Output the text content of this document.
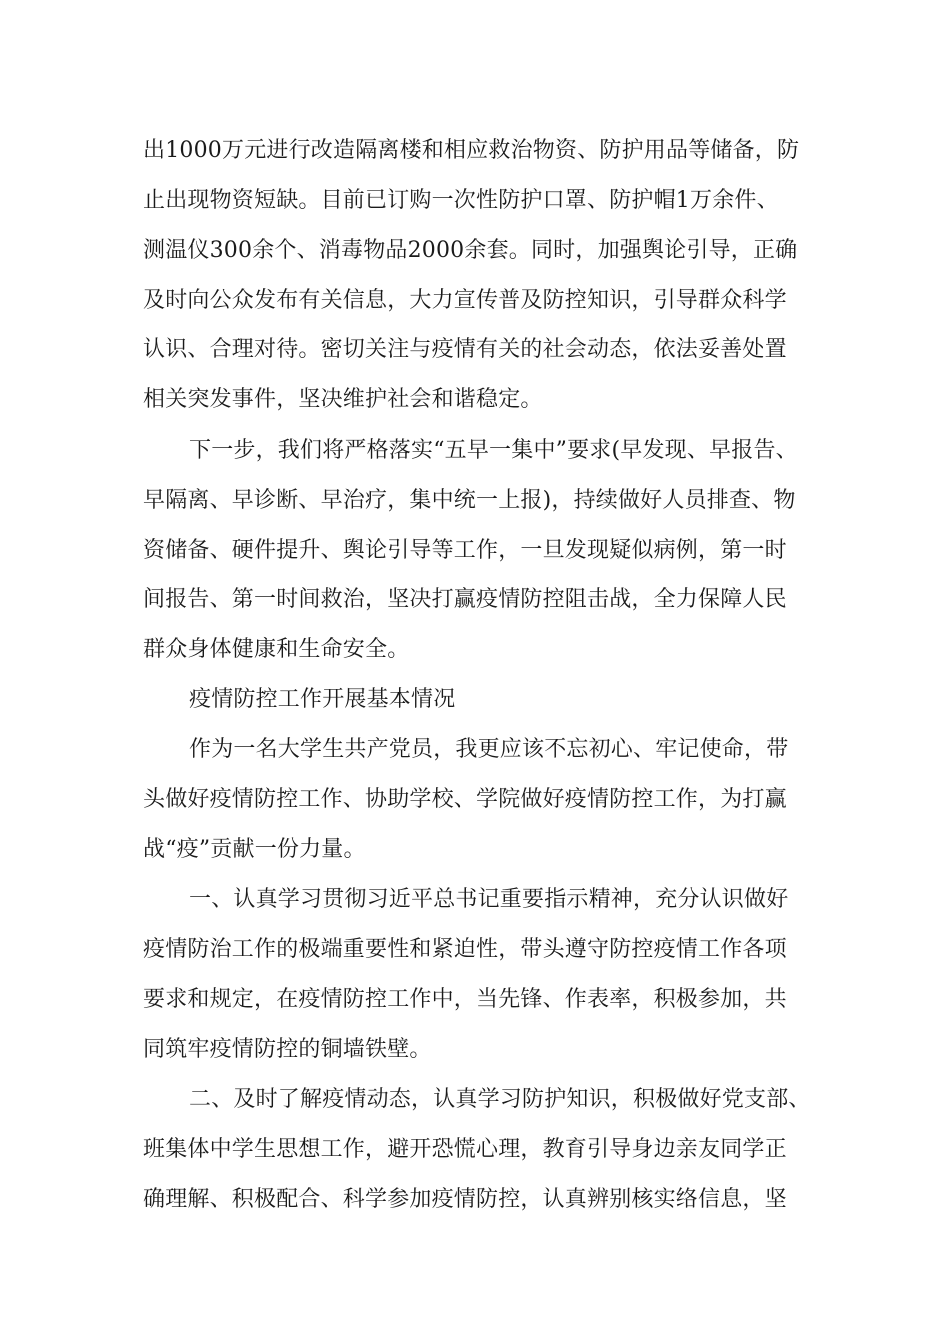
出1000万元进行改造隔离楼和相应救治物资、防护用品等储备，防
止出现物资短缺。目前已订购一次性防护口罩、防护帽1万余件、
测温仪300余个、消毒物品2000余套。同时，加强舆论引导，正确
及时向公众发布有关信息，大力宣传普及防控知识，引导群众科学
认识、合理对待。密切关注与疫情有关的社会动态，依法妥善处置
相关突发事件，坚决维护社会和谐稳定。
下一步，我们将严格落实“五早一集中”要求(早发现、早报告、
早隔离、早诊断、早治疗，集中统一上报)，持续做好人员排查、物
资储备、硬件提升、舆论引导等工作，一旦发现疑似病例，第一时
间报告、第一时间救治，坚决打赢疫情防控阻击战，全力保障人民
群众身体健康和生命安全。
疫情防控工作开展基本情况
作为一名大学生共产党员，我更应该不忘初心、牢记使命，带
头做好疫情防控工作、协助学校、学院做好疫情防控工作，为打赢
战“疫”贡献一份力量。
一、认真学习贯彻习近平总书记重要指示精神，充分认识做好
疫情防治工作的极端重要性和紧迫性，带头遵守防控疫情工作各项
要求和规定，在疫情防控工作中，当先锋、作表率，积极参加，共
同筑牢疫情防控的铜墙铁壁。
二、及时了解疫情动态，认真学习防护知识，积极做好党支部、
班集体中学生思想工作，避开恐慌心理，教育引导身边亲友同学正
确理解、积极配合、科学参加疫情防控，认真辨别核实络信息，坚
